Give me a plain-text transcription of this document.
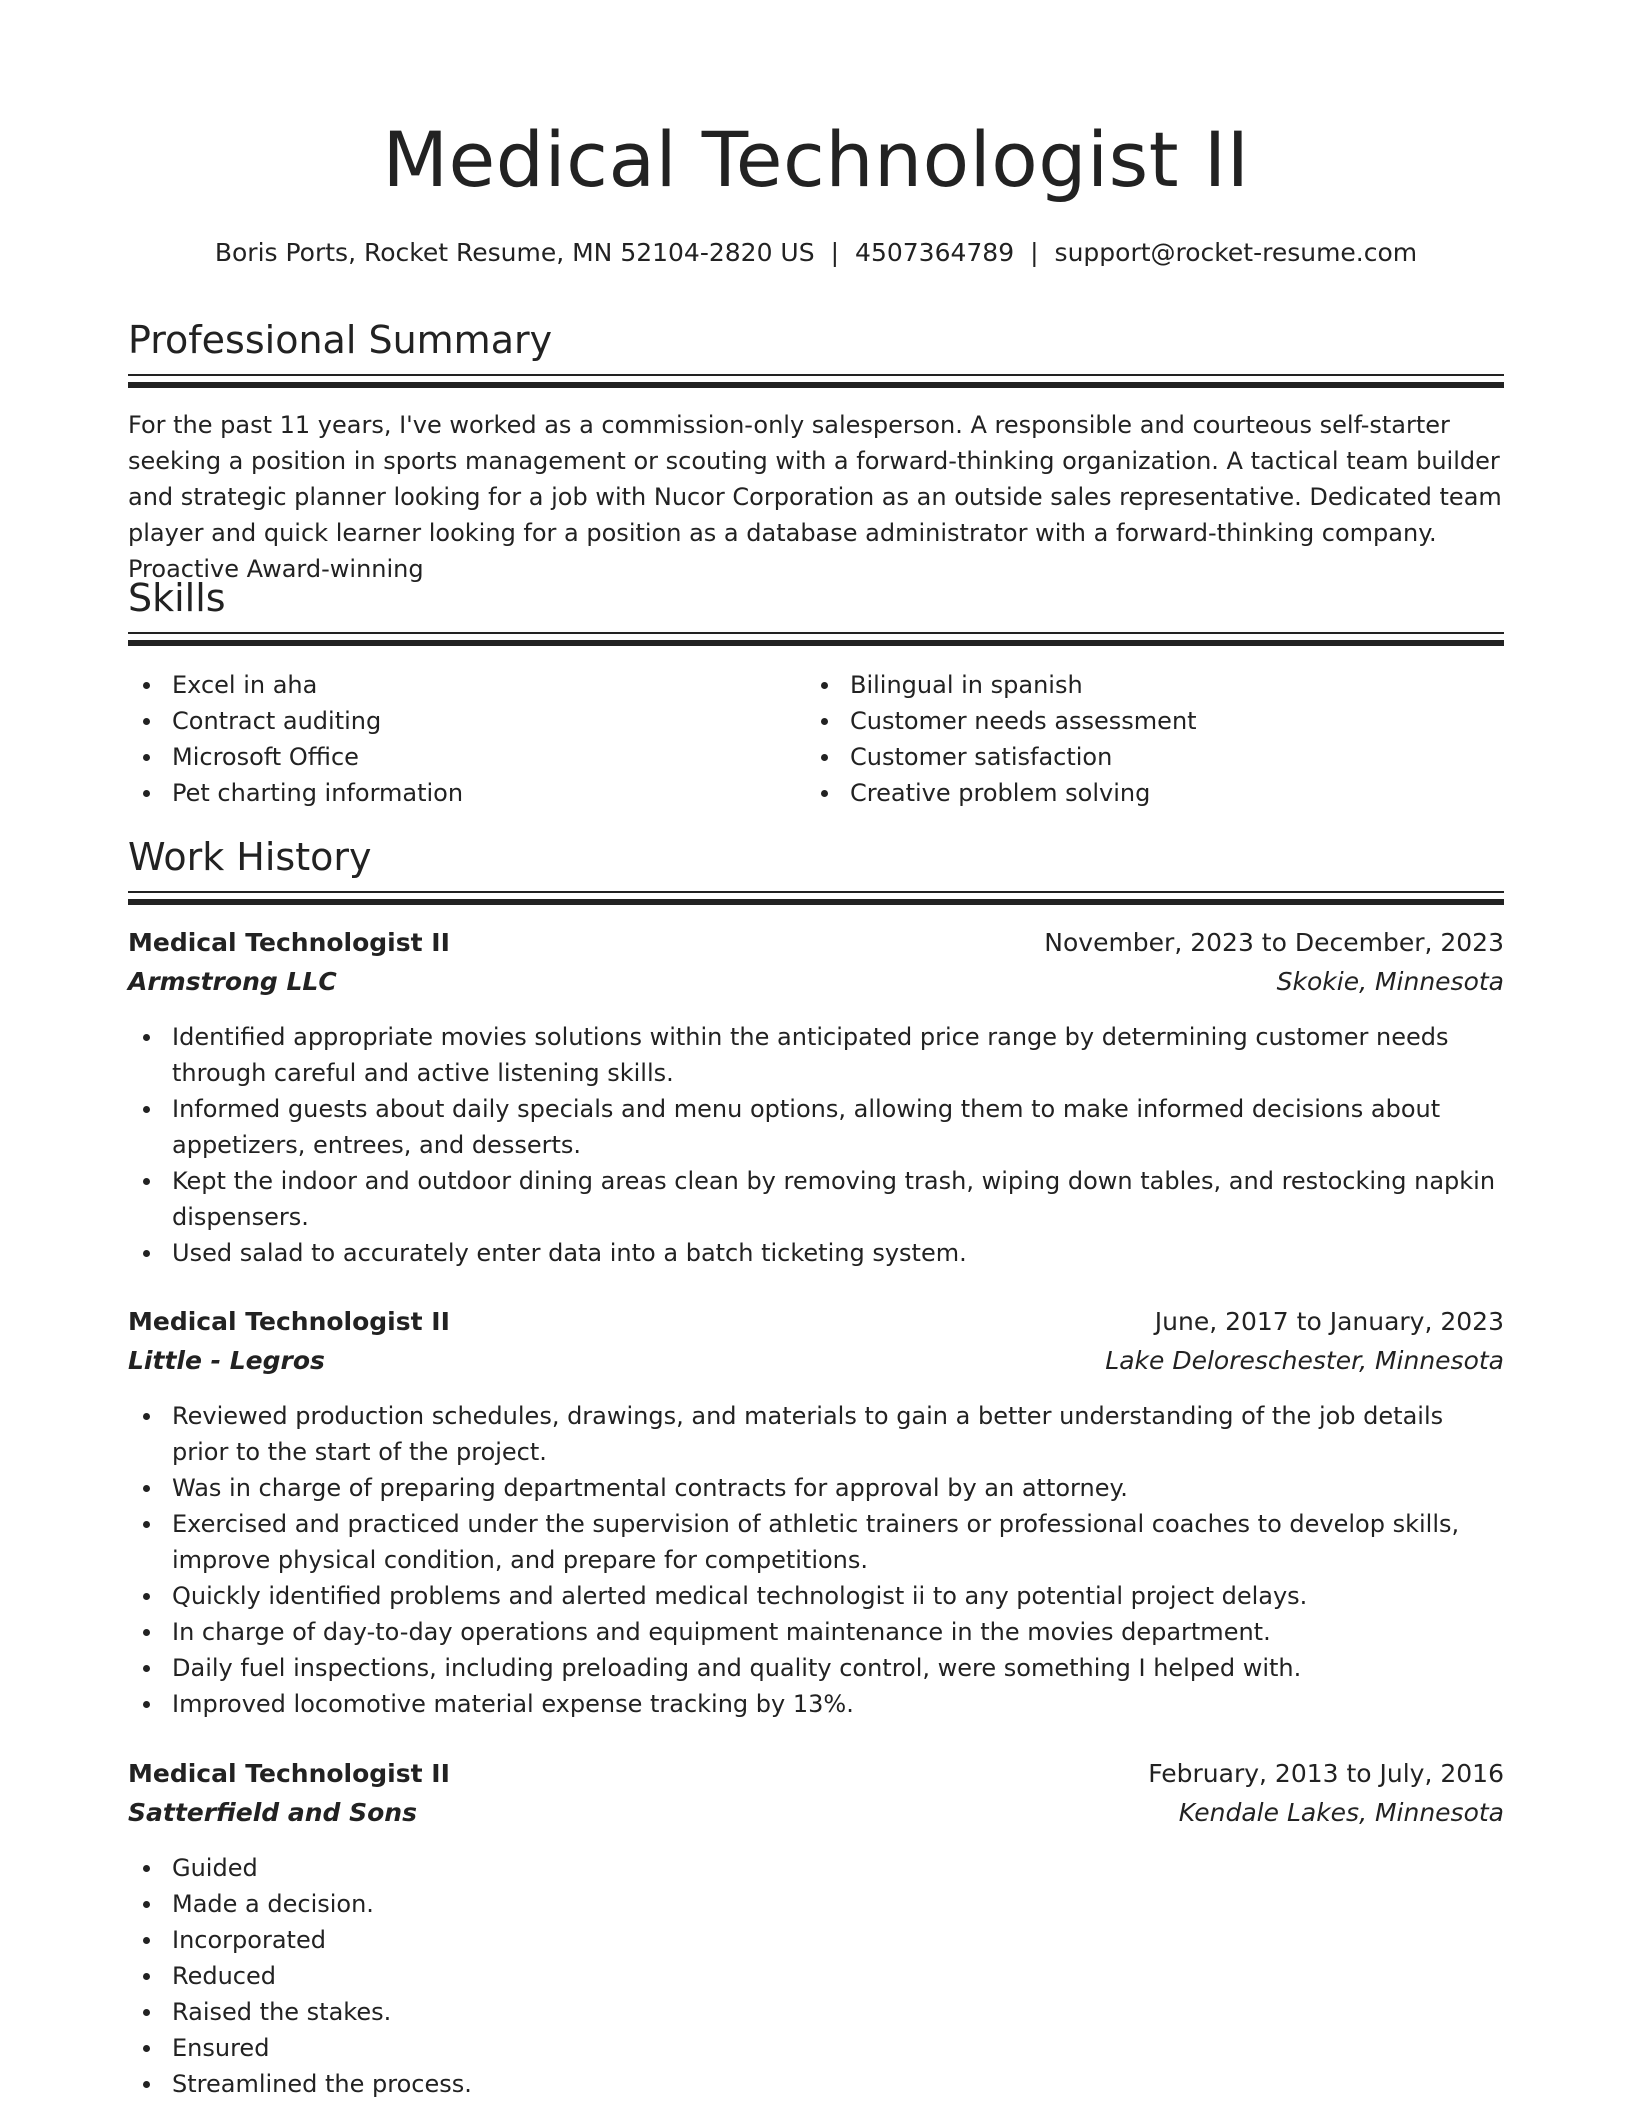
Medical Technologist II
Boris Ports, Rocket Resume, MN 52104-2820 US | 4507364789 | support@rocket-resume.com
Professional Summary

For the past 11 years, I've worked as a commission-only salesperson. A responsible and courteous self-starter seeking a position in sports management or scouting with a forward-thinking organization. A tactical team builder and strategic planner looking for a job with Nucor Corporation as an outside sales representative. Dedicated team player and quick learner looking for a position as a database administrator with a forward-thinking company. Proactive Award-winning

Skills
Excel in aha
Contract auditing
Microsoft Office
Pet charting information
Bilingual in spanish
Customer needs assessment
Customer satisfaction
Creative problem solving
Work History
Medical Technologist II	November, 2023 to December, 2023
Armstrong LLC	Skokie, Minnesota
Identified appropriate movies solutions within the anticipated price range by determining customer needs through careful and active listening skills.
Informed guests about daily specials and menu options, allowing them to make informed decisions about appetizers, entrees, and desserts.
Kept the indoor and outdoor dining areas clean by removing trash, wiping down tables, and restocking napkin dispensers.
Used salad to accurately enter data into a batch ticketing system.
Medical Technologist II	June, 2017 to January, 2023
Little - Legros	Lake Deloreschester, Minnesota
Reviewed production schedules, drawings, and materials to gain a better understanding of the job details prior to the start of the project.
Was in charge of preparing departmental contracts for approval by an attorney.
Exercised and practiced under the supervision of athletic trainers or professional coaches to develop skills, improve physical condition, and prepare for competitions.
Quickly identified problems and alerted medical technologist ii to any potential project delays.
In charge of day-to-day operations and equipment maintenance in the movies department.
Daily fuel inspections, including preloading and quality control, were something I helped with.
Improved locomotive material expense tracking by 13%.
Medical Technologist II	February, 2013 to July, 2016
Satterfield and Sons	Kendale Lakes, Minnesota
Guided
Made a decision.
Incorporated
Reduced
Raised the stakes.
Ensured
Streamlined the process.
